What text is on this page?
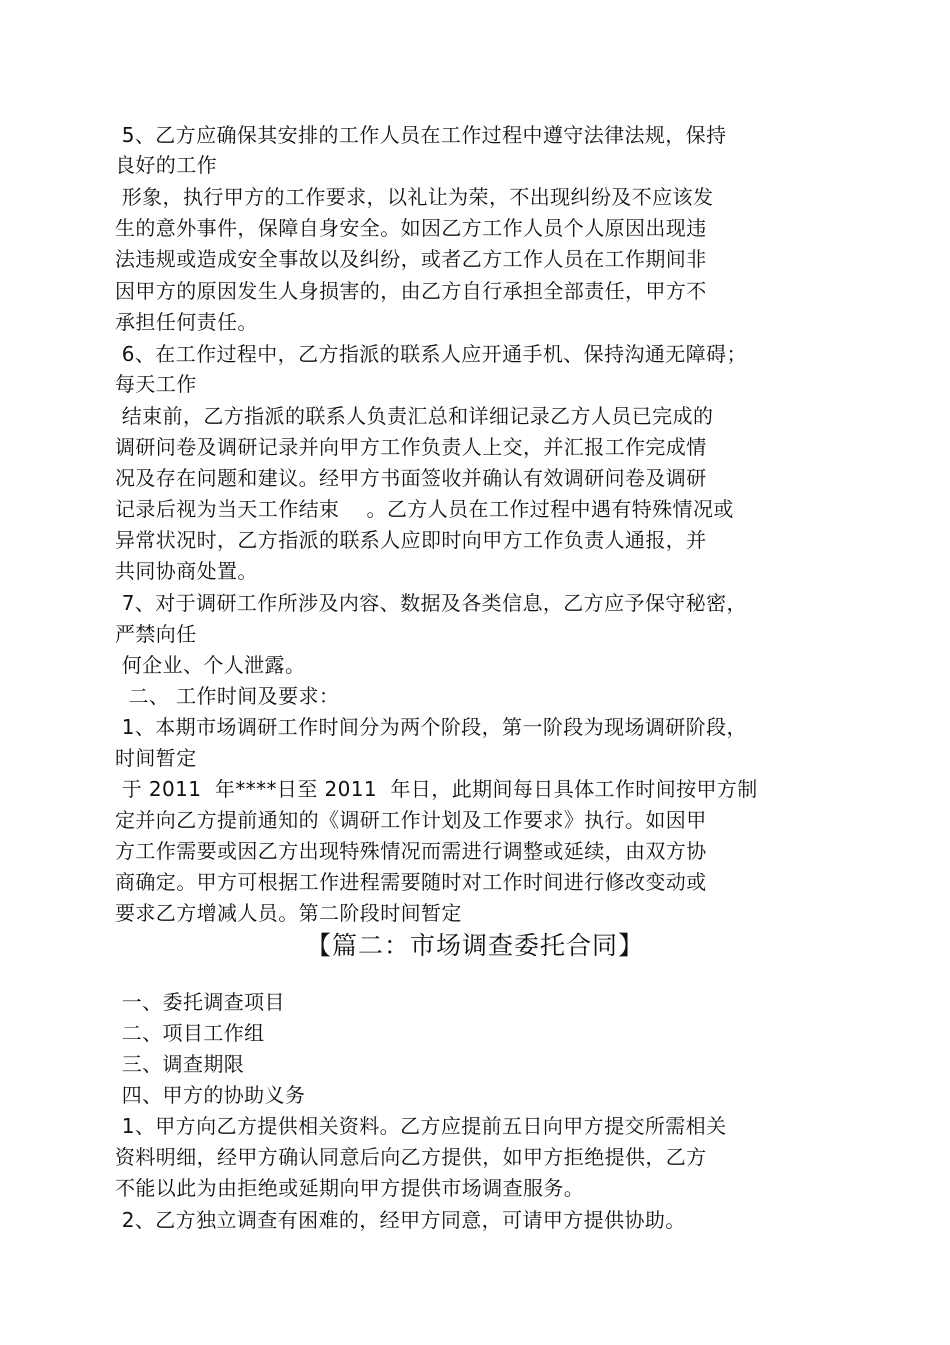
5、乙方应确保其安排的工作人员在工作过程中遵守法律法规，保持
良好的工作
形象，执行甲方的工作要求，以礼让为荣，不出现纠纷及不应该发
生的意外事件，保障自身安全。如因乙方工作人员个人原因出现违
法违规或造成安全事故以及纠纷，或者乙方工作人员在工作期间非
因甲方的原因发生人身损害的，由乙方自行承担全部责任，甲方不
承担任何责任。
6、在工作过程中，乙方指派的联系人应开通手机、保持沟通无障碍；
每天工作
结束前，乙方指派的联系人负责汇总和详细记录乙方人员已完成的
调研问卷及调研记录并向甲方工作负责人上交，并汇报工作完成情
况及存在问题和建议。经甲方书面签收并确认有效调研问卷及调研
记录后视为当天工作结束　 。乙方人员在工作过程中遇有特殊情况或
异常状况时，乙方指派的联系人应即时向甲方工作负责人通报，并
共同协商处置。
7、对于调研工作所涉及内容、数据及各类信息，乙方应予保守秘密，
严禁向任
何企业、个人泄露。
二、 工作时间及要求：
1、本期市场调研工作时间分为两个阶段，第一阶段为现场调研阶段，
时间暂定
于 2011  年****日至 2011  年日，此期间每日具体工作时间按甲方制
定并向乙方提前通知的《调研工作计划及工作要求》执行。如因甲
方工作需要或因乙方出现特殊情况而需进行调整或延续，由双方协
商确定。甲方可根据工作进程需要随时对工作时间进行修改变动或
要求乙方增减人员。第二阶段时间暂定
【篇二：市场调查委托合同】
一、委托调查项目
二、项目工作组
三、调查期限
四、甲方的协助义务
1、甲方向乙方提供相关资料。乙方应提前五日向甲方提交所需相关
资料明细，经甲方确认同意后向乙方提供，如甲方拒绝提供，乙方
不能以此为由拒绝或延期向甲方提供市场调查服务。
2、乙方独立调查有困难的，经甲方同意，可请甲方提供协助。
